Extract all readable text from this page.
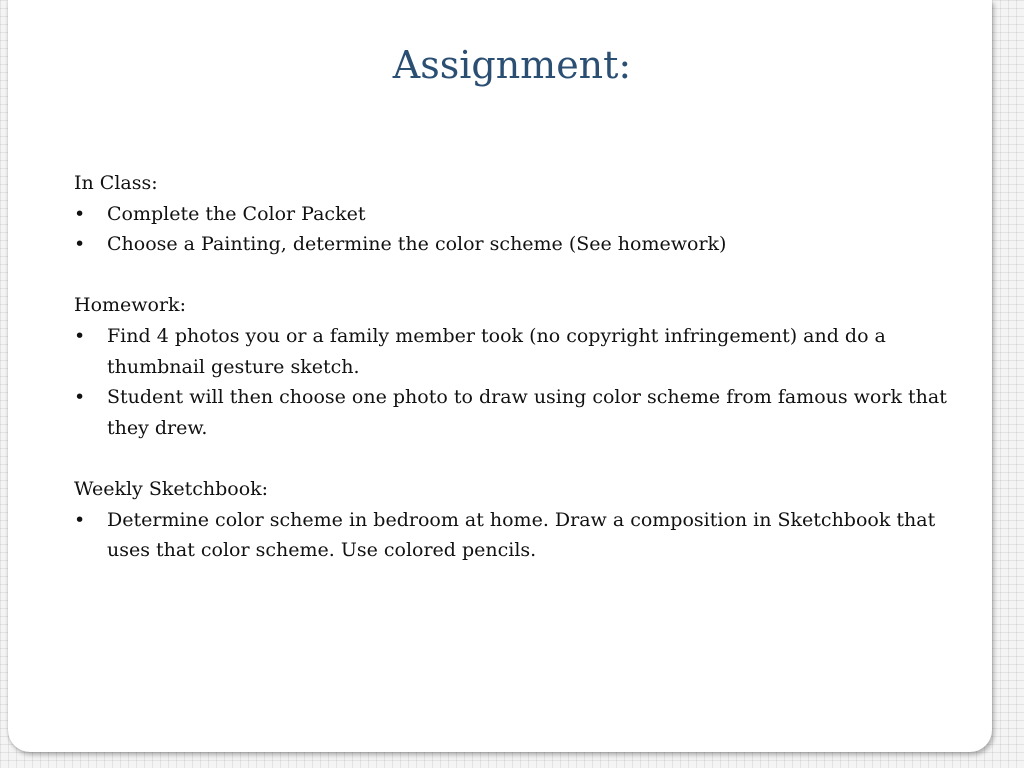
Assignment:
In Class:
•	Complete the Color Packet
•	Choose a Painting, determine the color scheme (See homework)
Homework:
•	Find 4 photos you or a family member took (no copyright infringement) and do a thumbnail gesture sketch.
•	Student will then choose one photo to draw using color scheme from famous work that they drew.
Weekly Sketchbook:
•	Determine color scheme in bedroom at home. Draw a composition in Sketchbook that uses that color scheme. Use colored pencils.
